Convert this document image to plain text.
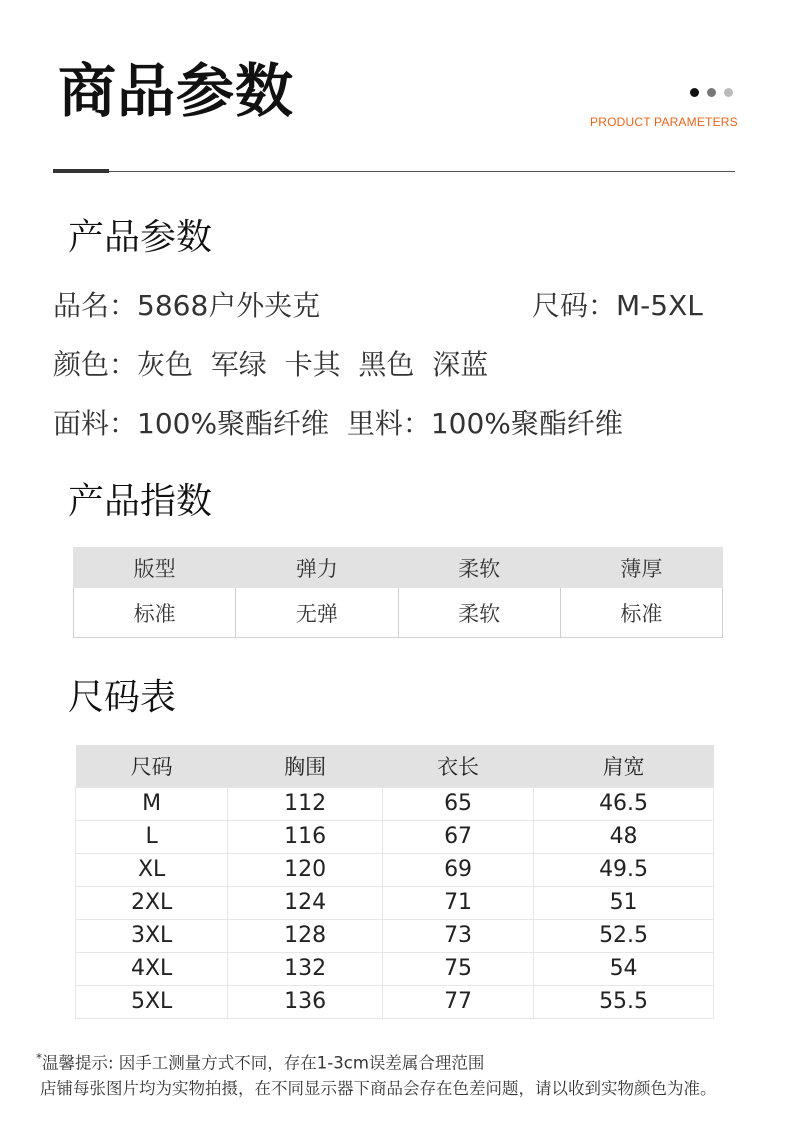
商品参数	PRODUCT PARAMETERS
产品参数
品名：5868户外夹克	尺码：M-5XL
颜色：灰色  军绿  卡其  黑色  深蓝
面料：100%聚酯纤维  里料：100%聚酯纤维
产品指数
版型	弹力	柔软	薄厚
标准	无弹	柔软	标准
尺码表
尺码	胸围	衣长	肩宽
M	112	65	46.5
L	116	67	48
XL	120	69	49.5
2XL	124	71	51
3XL	128	73	52.5
4XL	132	75	54
5XL	136	77	55.5
*温馨提示: 因手工测量方式不同，存在1-3cm误差属合理范围
店铺每张图片均为实物拍摄，在不同显示器下商品会存在色差问题，请以收到实物颜色为准。
